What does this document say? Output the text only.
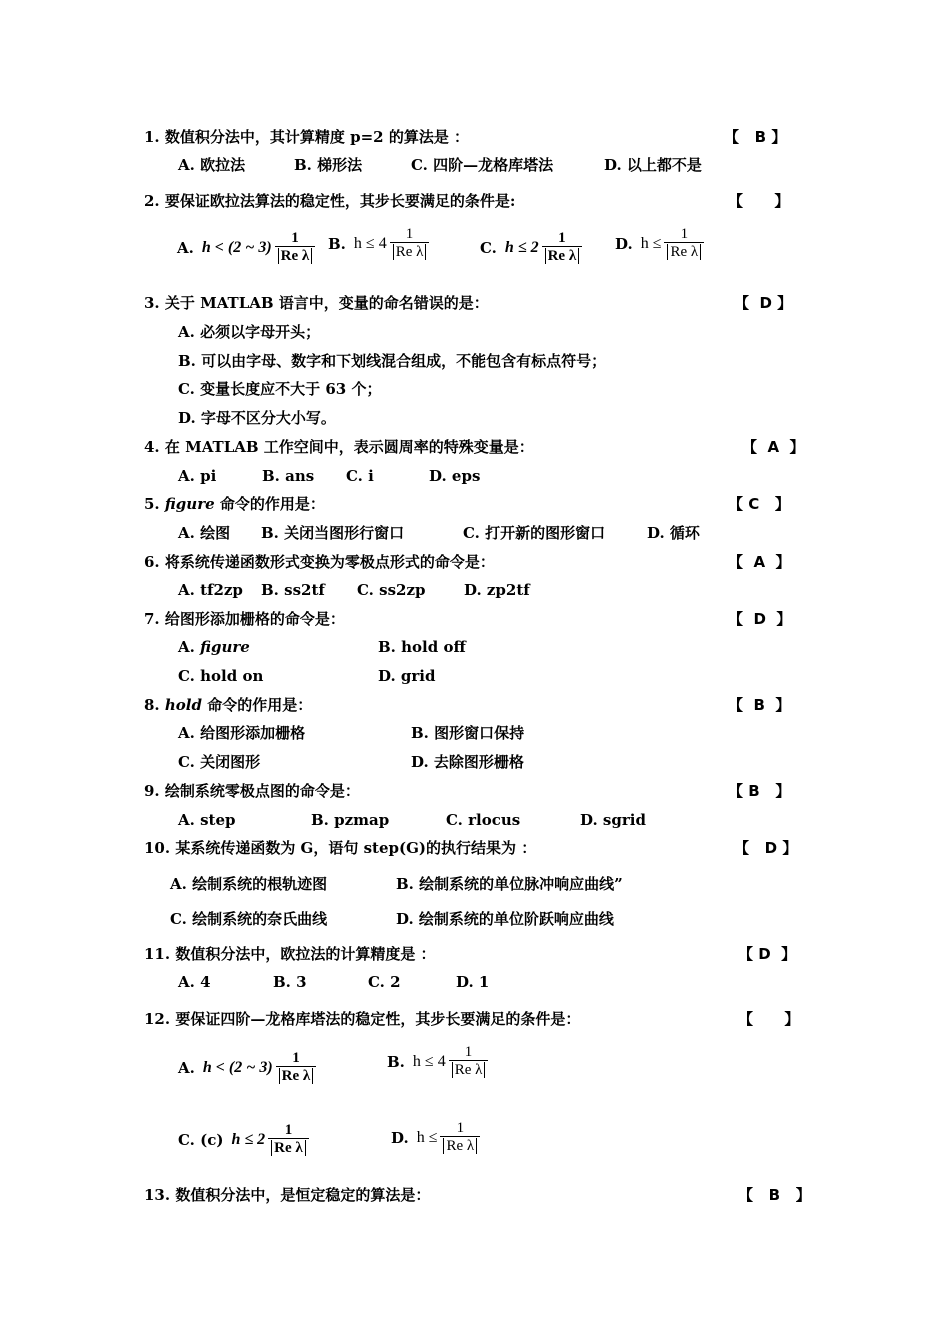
1. 数值积分法中，其计算精度 p=2 的算法是 ：	【   B 】
A. 欧拉法	B. 梯形法	C. 四阶—龙格库塔法	D. 以上都不是
2. 要保证欧拉法算法的稳定性，其步长要满足的条件是:	【      】
A. h < (2 ~ $3) \frac{1}{\text{Re λ}} B$. $h \le 4 \frac{1}{\text{Re λ}}$	C. $h \le 2 \frac{1}{\text{Re λ}} D$. $h \le \frac{1}{\text{Re λ}}$
3. 关于 MATLAB 语言中，变量的命名错误的是：	【  D 】
A. 必须以字母开头；
B. 可以由字母、数字和下划线混合组成，不能包含有标点符号；
C. 变量长度应不大于 63 个；
D. 字母不区分大小写。
4. 在 MATLAB 工作空间中，表示圆周率的特殊变量是：	【  A  】
A. pi	B. ans C. i	D. eps
5. figure 命令的作用是：	【 C   】
A. 绘图 B. 关闭当图形行窗口	C. 打开新的图形窗口	D. 循环
6. 将系统传递函数形式变换为零极点形式的命令是：	【  A  】
A. tf2zp B. ss2tf C. ss2zp	D. zp2tf
7. 给图形添加栅格的命令是：	【  D  】
A. figure	B. hold off
C. hold on	D. grid
8. hold 命令的作用是：	【  B  】
A. 给图形添加栅格	B. 图形窗口保持
C. 关闭图形	D. 去除图形栅格
9. 绘制系统零极点图的命令是：	【 B   】
A. step	B. pzmap	C. rlocus	D. sgrid
10. 某系统传递函数为 G，语句 step(G)的执行结果为 ：	【   D 】
A. 绘制系统的根轨迹图	B. 绘制系统的单位脉冲响应曲线”
C. 绘制系统的奈氏曲线	D. 绘制系统的单位阶跃响应曲线
11. 数值积分法中，欧拉法的计算精度是 ：	【 D  】
A. 4	B. 3	C. 2	D. 1
12. 要保证四阶—龙格库塔法的稳定性，其步长要满足的条件是：	【      】
A. h < (2 ~ $3) \frac{1}{\text{Re λ}}$	B. $h \le 4 \frac{1}{\text{Re λ}}$
C. (c) $h \le 2 \frac{1}{\text{Re λ}}$	D. $h \le \frac{1}{\text{Re λ}}$
13. 数值积分法中，是恒定稳定的算法是：	【   B   】
